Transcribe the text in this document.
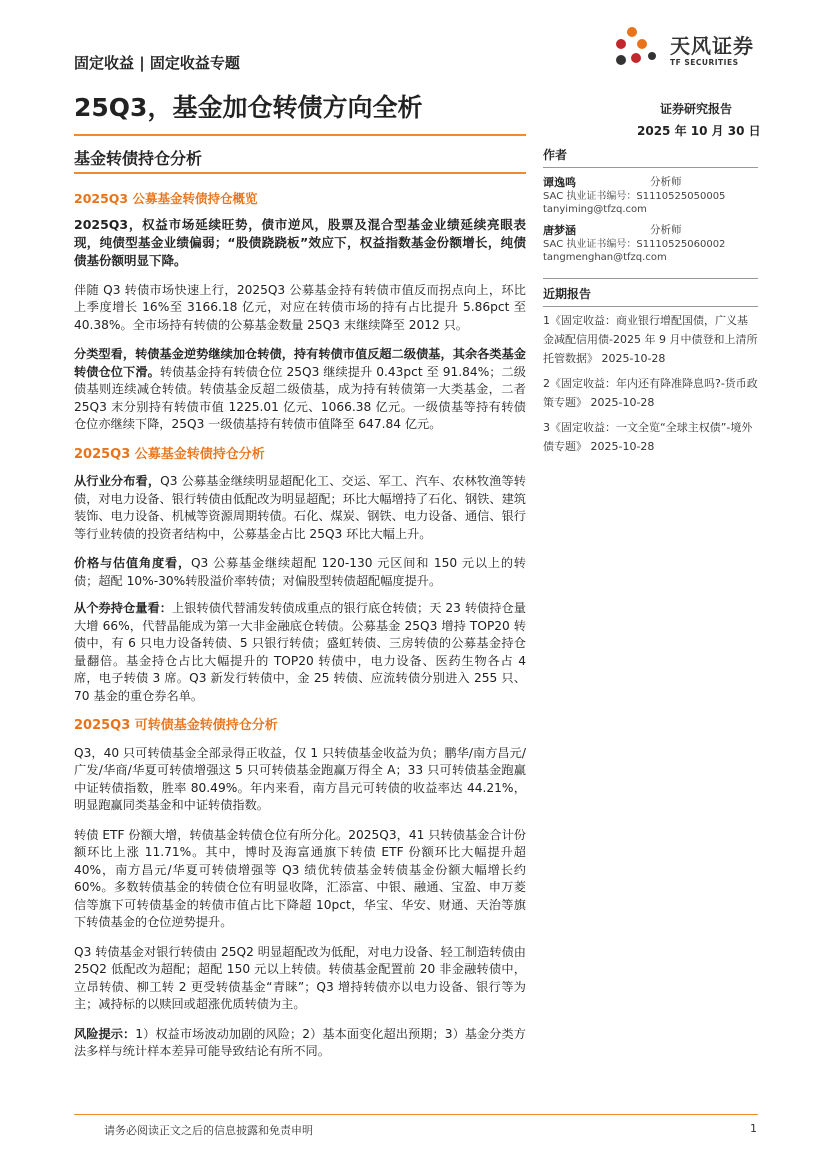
固定收益 | 固定收益专题
天风证券
TF SECURITIES
25Q3，基金加仓转债方向全析	证券研究报告
2025 年 10 月 30 日
基金转债持仓分析
2025Q3 公募基金转债持仓概览

2025Q3，权益市场延续旺势，债市逆风，股票及混合型基金业绩延续亮眼表现，纯债型基金业绩偏弱；“股债跷跷板”效应下，权益指数基金份额增长，纯债债基份额明显下降。

伴随 Q3 转债市场快速上行，2025Q3 公募基金持有转债市值反而拐点向上，环比上季度增长 16%至 3166.18 亿元，对应在转债市场的持有占比提升 5.86pct 至 40.38%。全市场持有转债的公募基金数量 25Q3 末继续降至 2012 只。

分类型看，转债基金逆势继续加仓转债，持有转债市值反超二级债基，其余各类基金转债仓位下滑。转债基金持有转债仓位 25Q3 继续提升 0.43pct 至 91.84%；二级债基则连续减仓转债。转债基金反超二级债基，成为持有转债第一大类基金，二者 25Q3 末分别持有转债市值 1225.01 亿元、1066.38 亿元。一级债基等持有转债仓位亦继续下降，25Q3 一级债基持有转债市值降至 647.84 亿元。

2025Q3 公募基金转债持仓分析

从行业分布看，Q3 公募基金继续明显超配化工、交运、军工、汽车、农林牧渔等转债，对电力设备、银行转债由低配改为明显超配；环比大幅增持了石化、钢铁、建筑装饰、电力设备、机械等资源周期转债。石化、煤炭、钢铁、电力设备、通信、银行等行业转债的投资者结构中，公募基金占比 25Q3 环比大幅上升。

价格与估值角度看，Q3 公募基金继续超配 120-130 元区间和 150 元以上的转债；超配 10%-30%转股溢价率转债；对偏股型转债超配幅度提升。

从个券持仓量看：上银转债代替浦发转债成重点的银行底仓转债；天 23 转债持仓量大增 66%，代替晶能成为第一大非金融底仓转债。公募基金 25Q3 增持 TOP20 转债中，有 6 只电力设备转债、5 只银行转债；盛虹转债、三房转债的公募基金持仓量翻倍。基金持仓占比大幅提升的 TOP20 转债中，电力设备、医药生物各占 4 席，电子转债 3 席。Q3 新发行转债中，金 25 转债、应流转债分别进入 255 只、70 基金的重仓券名单。

2025Q3 可转债基金转债持仓分析

Q3，40 只可转债基金全部录得正收益，仅 1 只转债基金收益为负；鹏华/南方昌元/广发/华商/华夏可转债增强这 5 只可转债基金跑赢万得全 A；33 只可转债基金跑赢中证转债指数，胜率 80.49%。年内来看，南方昌元可转债的收益率达 44.21%，明显跑赢同类基金和中证转债指数。

转债 ETF 份额大增，转债基金转债仓位有所分化。2025Q3，41 只转债基金合计份额环比上涨 11.71%。其中，博时及海富通旗下转债 ETF 份额环比大幅提升超 40%，南方昌元/华夏可转债增强等 Q3 绩优转债基金转债基金份额大幅增长约 60%。多数转债基金的转债仓位有明显收降，汇添富、中银、融通、宝盈、申万菱信等旗下可转债基金的转债市值占比下降超 10pct，华宝、华安、财通、天治等旗下转债基金的仓位逆势提升。

Q3 转债基金对银行转债由 25Q2 明显超配改为低配，对电力设备、轻工制造转债由 25Q2 低配改为超配；超配 150 元以上转债。转债基金配置前 20 非金融转债中，立昂转债、柳工转 2 更受转债基金“青睐”；Q3 增持转债亦以电力设备、银行等为主；减持标的以赎回或超涨优质转债为主。

风险提示：1）权益市场波动加剧的风险；2）基本面变化超出预期；3）基金分类方法多样与统计样本差异可能导致结论有所不同。

作者
谭逸鸣	分析师
SAC 执业证书编号：S1110525050005
tanyiming@tfzq.com
唐梦涵	分析师
SAC 执业证书编号：S1110525060002
tangmenghan@tfzq.com
近期报告
1《固定收益：商业银行增配国债，广义基金减配信用债-2025 年 9 月中债登和上清所托管数据》 2025-10-28
2《固定收益：年内还有降准降息吗?-货币政策专题》 2025-10-28
3《固定收益：一文全览“全球主权债”-境外债专题》 2025-10-28
请务必阅读正文之后的信息披露和免责申明	1
